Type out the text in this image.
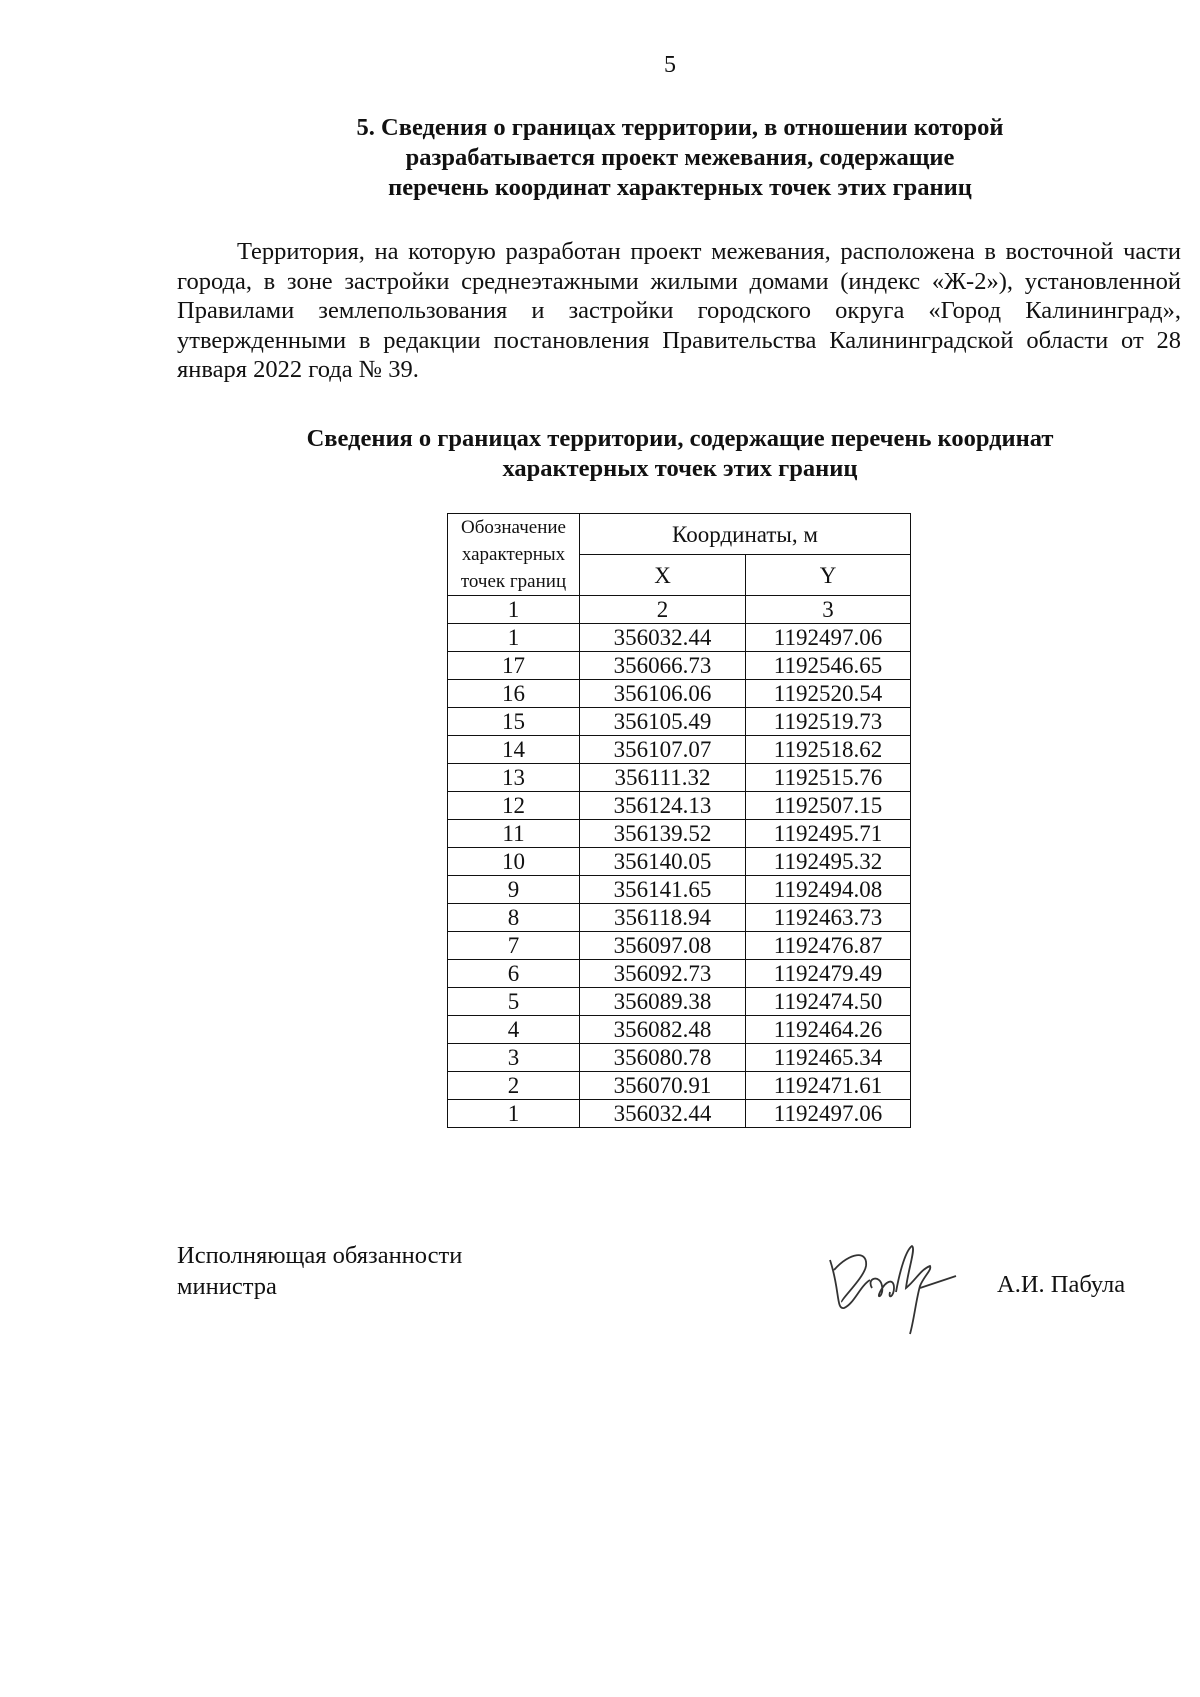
5
5. Сведения о границах территории, в отношении которой
разрабатывается проект межевания, содержащие
перечень координат характерных точек этих границ

Территория, на которую разработан проект межевания, расположена в восточной части города, в зоне застройки среднеэтажными жилыми домами (индекс «Ж-2»), установленной Правилами землепользования и застройки городского округа «Город Калининград», утвержденными в редакции постановления Правительства Калининградской области от 28 января 2022 года № 39.

Сведения о границах территории, содержащие перечень координат
характерных точек этих границ
Обозначение характерных точек границ	Координаты, м	
	X	Y
1	2	3
1	356032.44	1192497.06
17	356066.73	1192546.65
16	356106.06	1192520.54
15	356105.49	1192519.73
14	356107.07	1192518.62
13	356111.32	1192515.76
12	356124.13	1192507.15
11	356139.52	1192495.71
10	356140.05	1192495.32
9	356141.65	1192494.08
8	356118.94	1192463.73
7	356097.08	1192476.87
6	356092.73	1192479.49
5	356089.38	1192474.50
4	356082.48	1192464.26
3	356080.78	1192465.34
2	356070.91	1192471.61
1	356032.44	1192497.06
Исполняющая обязанности
министра	А.И. Пабула
